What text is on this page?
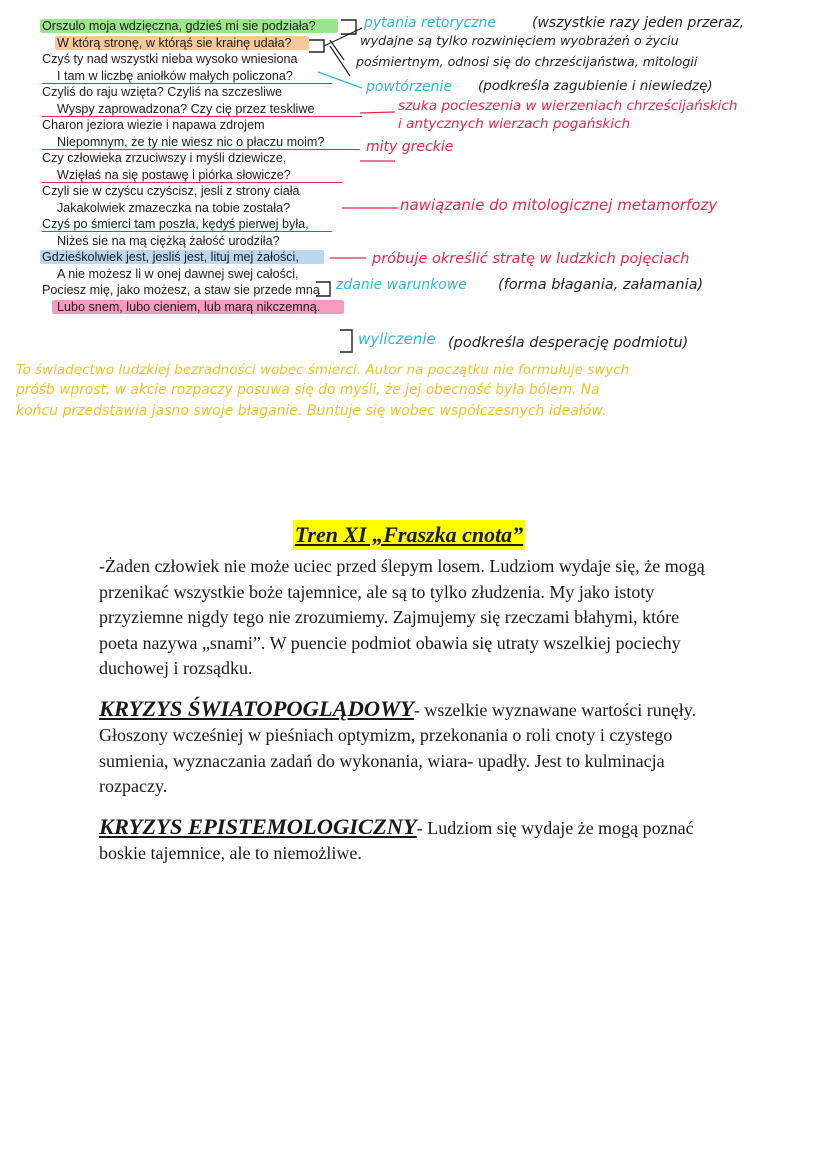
Orszulo moja wdzięczna, gdzieś mi sie podziała?
W którą stronę, w którąś sie krainę udała?
Czyś ty nad wszystki nieba wysoko wniesiona
I tam w liczbę aniołków małych policzona?
Czyliś do raju wzięta? Czyliś na szczesliwe
Wyspy zaprowadzona? Czy cię przez teskliwe
Charon jeziora wiezie i napawa zdrojem
Niepomnym, że ty nie wiesz nic o płaczu moim?
Czy człowieka zrzuciwszy i myśli dziewicze,
Wzięłaś na się postawę i piórka słowicze?
Czyli sie w czyścu czyścisz, jesli z strony ciała
Jakakolwiek zmazeczka na tobie została?
Czyś po śmierci tam poszła, kędyś pierwej była,
Niżeś sie na mą ciężką żałość urodziła?
Gdzieśkolwiek jest, jesliś jest, lituj mej żałości,
A nie możesz li w onej dawnej swej całości,
Pociesz mię, jako możesz, a staw sie przede mną
Lubo snem, lubo cieniem, lub marą nikczemną.
pytania retoryczne	(wszystkie razy jeden przeraz,
wydajne są tylko rozwinięciem wyobrażeń o życiu
pośmiertnym, odnosi się do chrześcijaństwa, mitologii
powtórzenie (podkreśla zagubienie i niewiedzę)
szuka pocieszenia w wierzeniach chrześcijańskich
i antycznych wierzach pogańskich
mity greckie
nawiązanie do mitologicznej metamorfozy
próbuje określić stratę w ludzkich pojęciach
zdanie warunkowe (forma błagania, załamania)
wyliczenie (podkreśla desperację podmiotu)
To świadectwo ludzkiej bezradności wobec śmierci. Autor na początku nie formułuje swych
próśb wprost, w akcie rozpaczy posuwa się do myśli, że jej obecność była bólem. Na
końcu przedstawia jasno swoje błaganie. Buntuje się wobec współczesnych ideałów.
Tren XI „Fraszka cnota”

-Żaden człowiek nie może uciec przed ślepym losem. Ludziom wydaje się, że mogą przenikać wszystkie boże tajemnice, ale są to tylko złudzenia. My jako istoty przyziemne nigdy tego nie zrozumiemy. Zajmujemy się rzeczami błahymi, które poeta nazywa „snami”. W puencie podmiot obawia się utraty wszelkiej pociechy duchowej i rozsądku.

KRYZYS ŚWIATOPOGLĄDOWY- wszelkie wyznawane wartości runęły. Głoszony wcześniej w pieśniach optymizm, przekonania o roli cnoty i czystego sumienia, wyznaczania zadań do wykonania, wiara- upadły. Jest to kulminacja rozpaczy.

KRYZYS EPISTEMOLOGICZNY- Ludziom się wydaje że mogą poznać boskie tajemnice, ale to niemożliwe.
